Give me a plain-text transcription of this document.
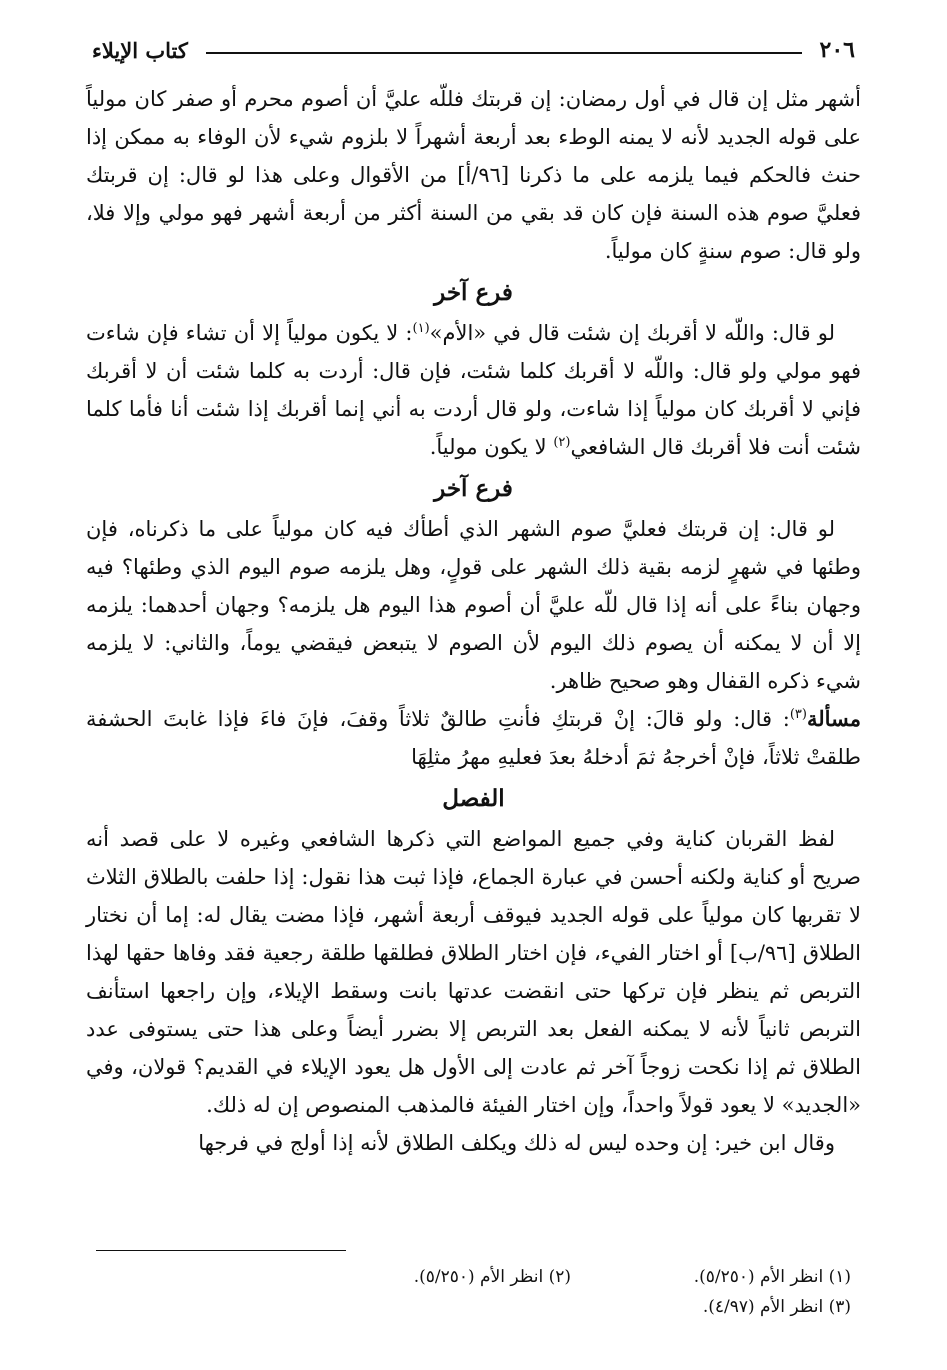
٢٠٦
كتاب الإيلاء

أشهر مثل إن قال في أول رمضان: إن قربتك فللّه عليَّ أن أصوم محرم أو صفر كان مولياً على قوله الجديد لأنه لا يمنه الوطء بعد أربعة أشهراً لا بلزوم شيء لأن الوفاء به ممكن إذا حنث فالحكم فيما يلزمه على ما ذكرنا [٩٦/أ] من الأقوال وعلى هذا لو قال: إن قربتك فعليَّ صوم هذه السنة فإن كان قد بقي من السنة أكثر من أربعة أشهر فهو مولي وإلا فلا، ولو قال: صوم سنةٍ كان مولياً.

فرع آخر

لو قال: واللّه لا أقربك إن شئت قال في «الأم»$^{(١)}$: لا يكون مولياً إلا أن تشاء فإن شاءت فهو مولي ولو قال: واللّه لا أقربك كلما شئت، فإن قال: أردت به كلما شئت أن لا أقربك فإني لا أقربك كان مولياً إذا شاءت، ولو قال أردت به أني إنما أقربك إذا شئت أنا فأما كلما شئت أنت فلا أقربك قال الشافعي$^{(٢)}$ لا يكون مولياً.

فرع آخر

لو قال: إن قربتك فعليَّ صوم الشهر الذي أطأك فيه كان مولياً على ما ذكرناه، فإن وطئها في شهرٍ لزمه بقية ذلك الشهر على قولٍ، وهل يلزمه صوم اليوم الذي وطئها؟ فيه وجهان بناءً على أنه إذا قال للّه عليَّ أن أصوم هذا اليوم هل يلزمه؟ وجهان أحدهما: يلزمه إلا أن لا يمكنه أن يصوم ذلك اليوم لأن الصوم لا يتبعض فيقضي يوماً، والثاني: لا يلزمه شيء ذكره القفال وهو صحيح ظاهر.

مسألة$^{(٣)}$: قال: ولو قالَ: إنْ قربتكِ فأنتِ طالقٌ ثلاثاً وقفَ، فإنَ فاءَ فإذا غابتَ الحشفة طلقتْ ثلاثاً، فإنْ أخرجهُ ثمَ أدخلهُ بعدَ فعليهِ مهرُ مثلِهَا

الفصل

لفظ القربان كناية وفي جميع المواضع التي ذكرها الشافعي وغيره لا على قصد أنه صريح أو كناية ولكنه أحسن في عبارة الجماع، فإذا ثبت هذا نقول: إذا حلفت بالطلاق الثلاث لا تقربها كان مولياً على قوله الجديد فيوقف أربعة أشهر، فإذا مضت يقال له: إما أن نختار الطلاق [٩٦/ب] أو اختار الفيء، فإن اختار الطلاق فطلقها طلقة رجعية فقد وفاها حقها لهذا التربص ثم ينظر فإن تركها حتى انقضت عدتها بانت وسقط الإيلاء، وإن راجعها استأنف التربص ثانياً لأنه لا يمكنه الفعل بعد التربص إلا بضرر أيضاً وعلى هذا حتى يستوفى عدد الطلاق ثم إذا نكحت زوجاً آخر ثم عادت إلى الأول هل يعود الإيلاء في القديم؟ قولان، وفي «الجديد» لا يعود قولاً واحداً، وإن اختار الفيئة فالمذهب المنصوص إن له ذلك.

وقال ابن خير: إن وحده ليس له ذلك ويكلف الطلاق لأنه إذا أولج في فرجها

(١) انظر الأم (٥/٢٥٠).
(٢) انظر الأم (٥/٢٥٠).
(٣) انظر الأم (٤/٩٧).
